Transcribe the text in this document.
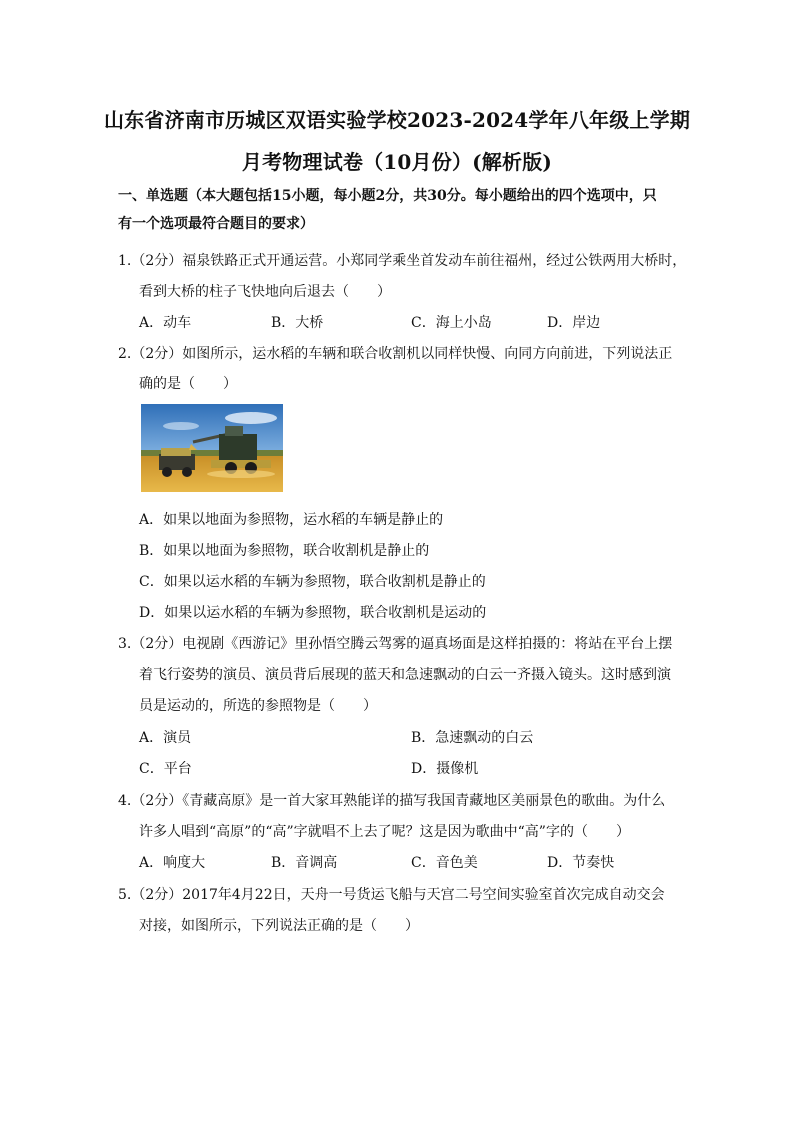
山东省济南市历城区双语实验学校2023-2024学年八年级上学期
月考物理试卷（10月份）(解析版)
一、单选题（本大题包括15小题，每小题2分，共30分。每小题给出的四个选项中，只
有一个选项最符合题目的要求）
1.（2分）福泉铁路正式开通运营。小郑同学乘坐首发动车前往福州，经过公铁两用大桥时，
看到大桥的柱子飞快地向后退去（　　）
A．动车	B．大桥	C．海上小岛	D．岸边
2.（2分）如图所示，运水稻的车辆和联合收割机以同样快慢、向同方向前进，下列说法正
确的是（　　）
A．如果以地面为参照物，运水稻的车辆是静止的
B．如果以地面为参照物，联合收割机是静止的
C．如果以运水稻的车辆为参照物，联合收割机是静止的
D．如果以运水稻的车辆为参照物，联合收割机是运动的
3.（2分）电视剧《西游记》里孙悟空腾云驾雾的逼真场面是这样拍摄的：将站在平台上摆
着飞行姿势的演员、演员背后展现的蓝天和急速飘动的白云一齐摄入镜头。这时感到演
员是运动的，所选的参照物是（　　）
A．演员	B．急速飘动的白云
C．平台	D．摄像机
4.（2分）《青藏高原》是一首大家耳熟能详的描写我国青藏地区美丽景色的歌曲。为什么
许多人唱到“高原”的“高”字就唱不上去了呢？这是因为歌曲中“高”字的（　　）
A．响度大	B．音调高	C．音色美	D．节奏快
5.（2分）2017年4月22日，天舟一号货运飞船与天宫二号空间实验室首次完成自动交会
对接，如图所示，下列说法正确的是（　　）
